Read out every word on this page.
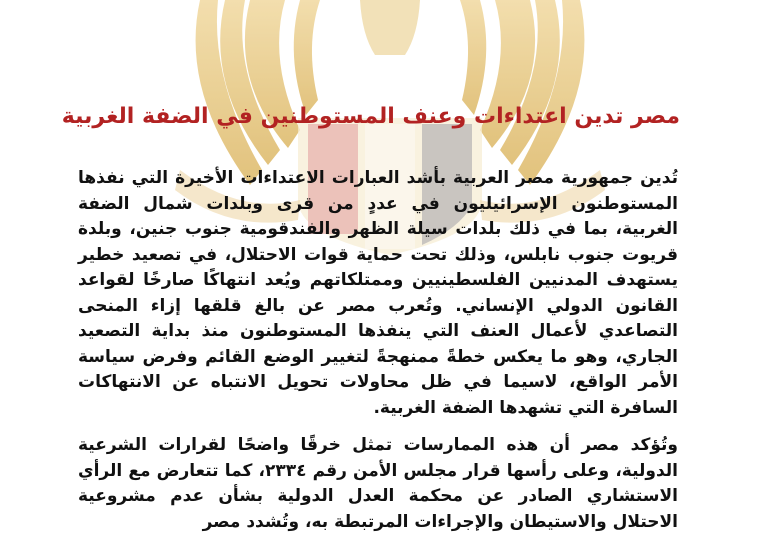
مصر تدين اعتداءات وعنف المستوطنين في الضفة الغربية

تُدين جمهورية مصر العربية بأشد العبارات الاعتداءات الأخيرة التي نفذها المستوطنون الإسرائيليون في عددٍ من قرى وبلدات شمال الضفة الغربية، بما في ذلك بلدات سيلة الظهر والفندقومية جنوب جنين، وبلدة قريوت جنوب نابلس، وذلك تحت حماية قوات الاحتلال، في تصعيد خطير يستهدف المدنيين الفلسطينيين وممتلكاتهم ويُعد انتهاكًا صارخًا لقواعد القانون الدولي الإنساني. وتُعرب مصر عن بالغ قلقها إزاء المنحى التصاعدي لأعمال العنف التي ينفذها المستوطنون منذ بداية التصعيد الجاري، وهو ما يعكس خطةً ممنهجةً لتغيير الوضع القائم وفرض سياسة الأمر الواقع، لاسيما في ظل محاولات تحويل الانتباه عن الانتهاكات السافرة التي تشهدها الضفة الغربية.

وتُؤكد مصر أن هذه الممارسات تمثل خرقًا واضحًا لقرارات الشرعية الدولية، وعلى رأسها قرار مجلس الأمن رقم ٢٣٣٤، كما تتعارض مع الرأي الاستشاري الصادر عن محكمة العدل الدولية بشأن عدم مشروعية الاحتلال والاستيطان والإجراءات المرتبطة به، وتُشدد مصر
